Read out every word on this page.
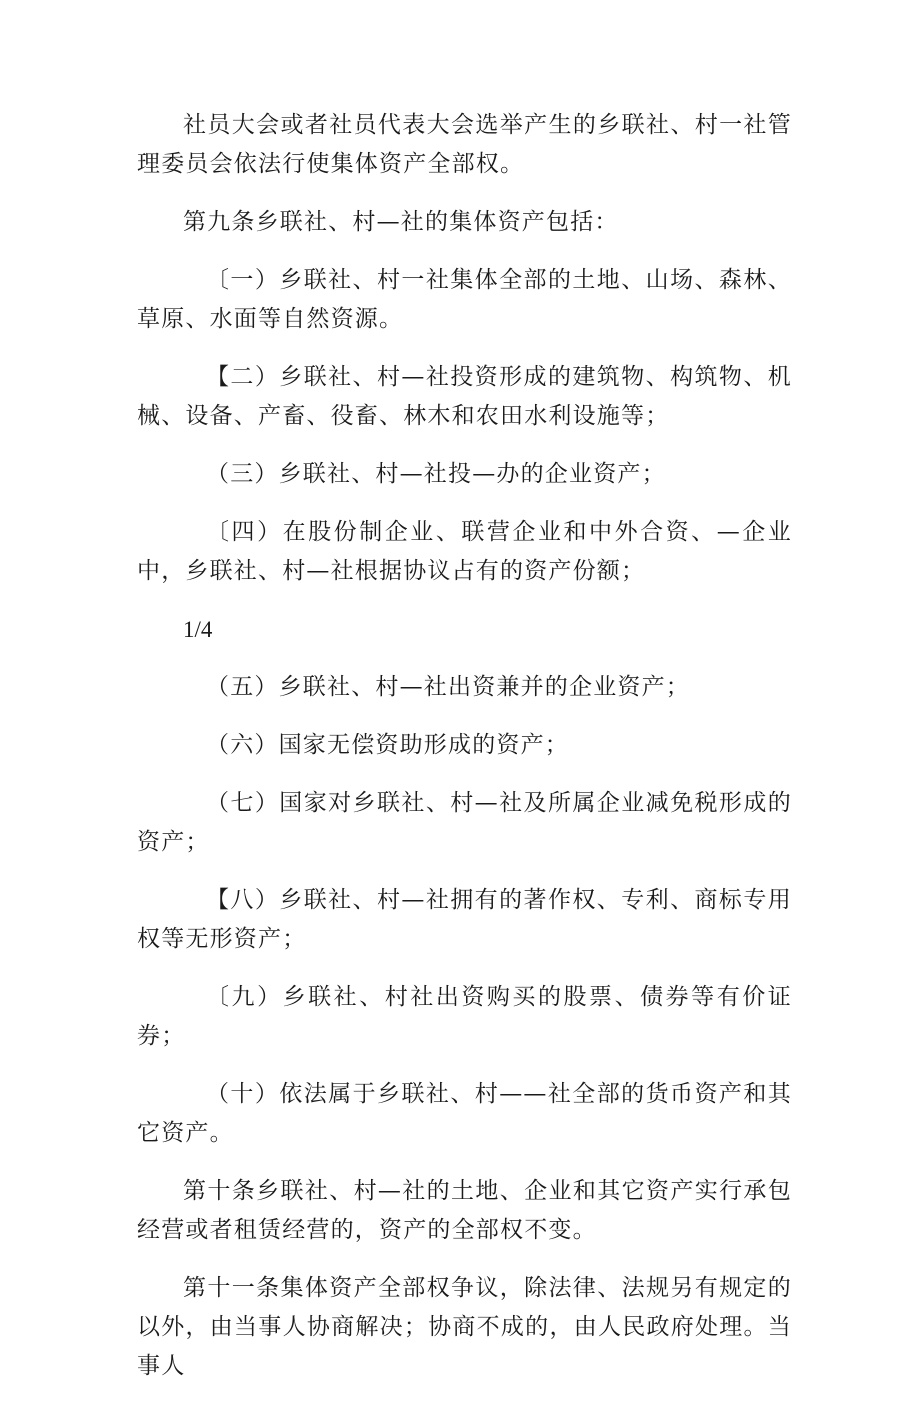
社员大会或者社员代表大会选举产生的乡联社、村一社管理委员会依法行使集体资产全部权。

第九条乡联社、村—社的集体资产包括：

〔一）乡联社、村一社集体全部的土地、山场、森林、草原、水面等自然资源。

【二）乡联社、村—社投资形成的建筑物、构筑物、机械、设备、产畜、役畜、林木和农田水利设施等；

（三）乡联社、村—社投—办的企业资产；

〔四）在股份制企业、联营企业和中外合资、—企业中，乡联社、村—社根据协议占有的资产份额；

1/4

（五）乡联社、村—社出资兼并的企业资产；

（六）国家无偿资助形成的资产；

（七）国家对乡联社、村—社及所属企业减免税形成的资产；

【八）乡联社、村—社拥有的著作权、专利、商标专用权等无形资产；

〔九）乡联社、村社出资购买的股票、债券等有价证券；

（十）依法属于乡联社、村——社全部的货币资产和其它资产。

第十条乡联社、村—社的土地、企业和其它资产实行承包经营或者租赁经营的，资产的全部权不变。

第十一条集体资产全部权争议，除法律、法规另有规定的以外，由当事人协商解决；协商不成的，由人民政府处理。当事人
